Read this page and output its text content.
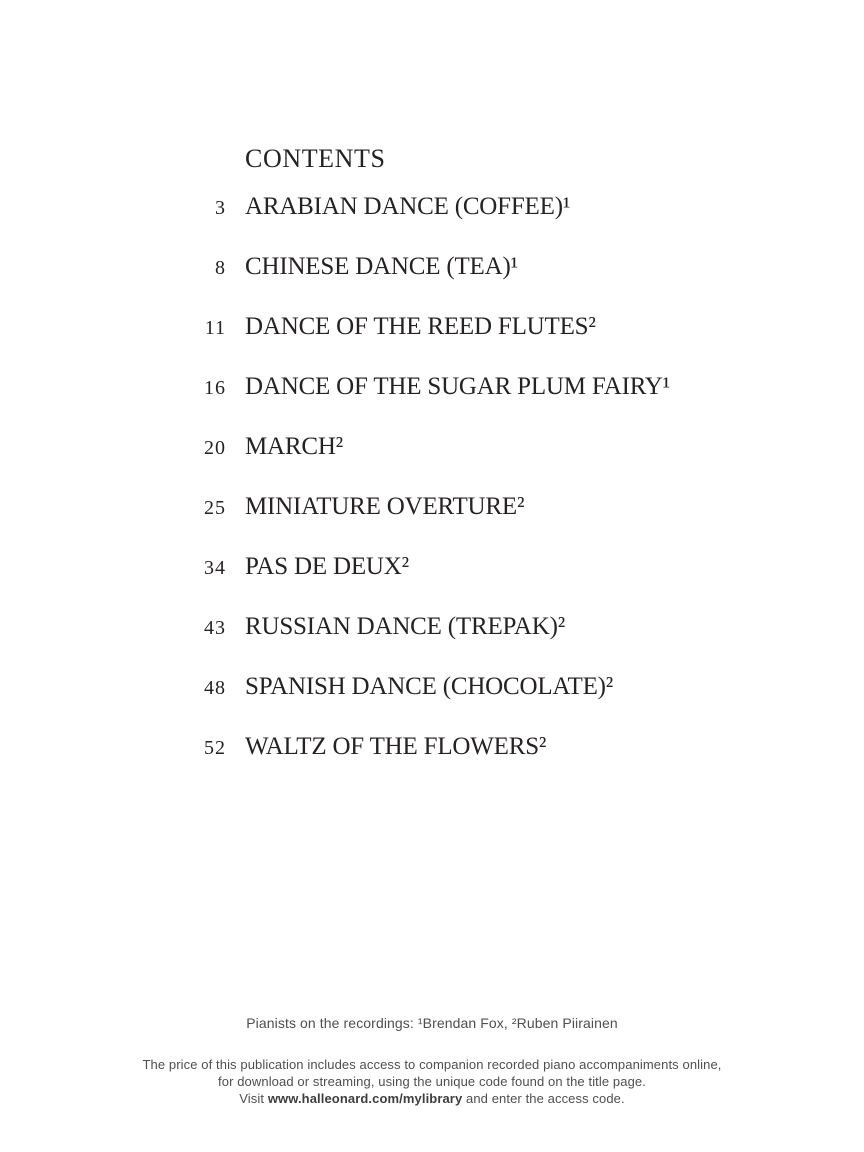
CONTENTS
3 ARABIAN DANCE (COFFEE)¹
8 CHINESE DANCE (TEA)¹
11 DANCE OF THE REED FLUTES²
16 DANCE OF THE SUGAR PLUM FAIRY¹
20 MARCH²
25 MINIATURE OVERTURE²
34 PAS DE DEUX²
43 RUSSIAN DANCE (TREPAK)²
48 SPANISH DANCE (CHOCOLATE)²
52 WALTZ OF THE FLOWERS²
Pianists on the recordings: ¹Brendan Fox, ²Ruben Piirainen
The price of this publication includes access to companion recorded piano accompaniments online,
for download or streaming, using the unique code found on the title page.
Visit www.halleonard.com/mylibrary and enter the access code.
